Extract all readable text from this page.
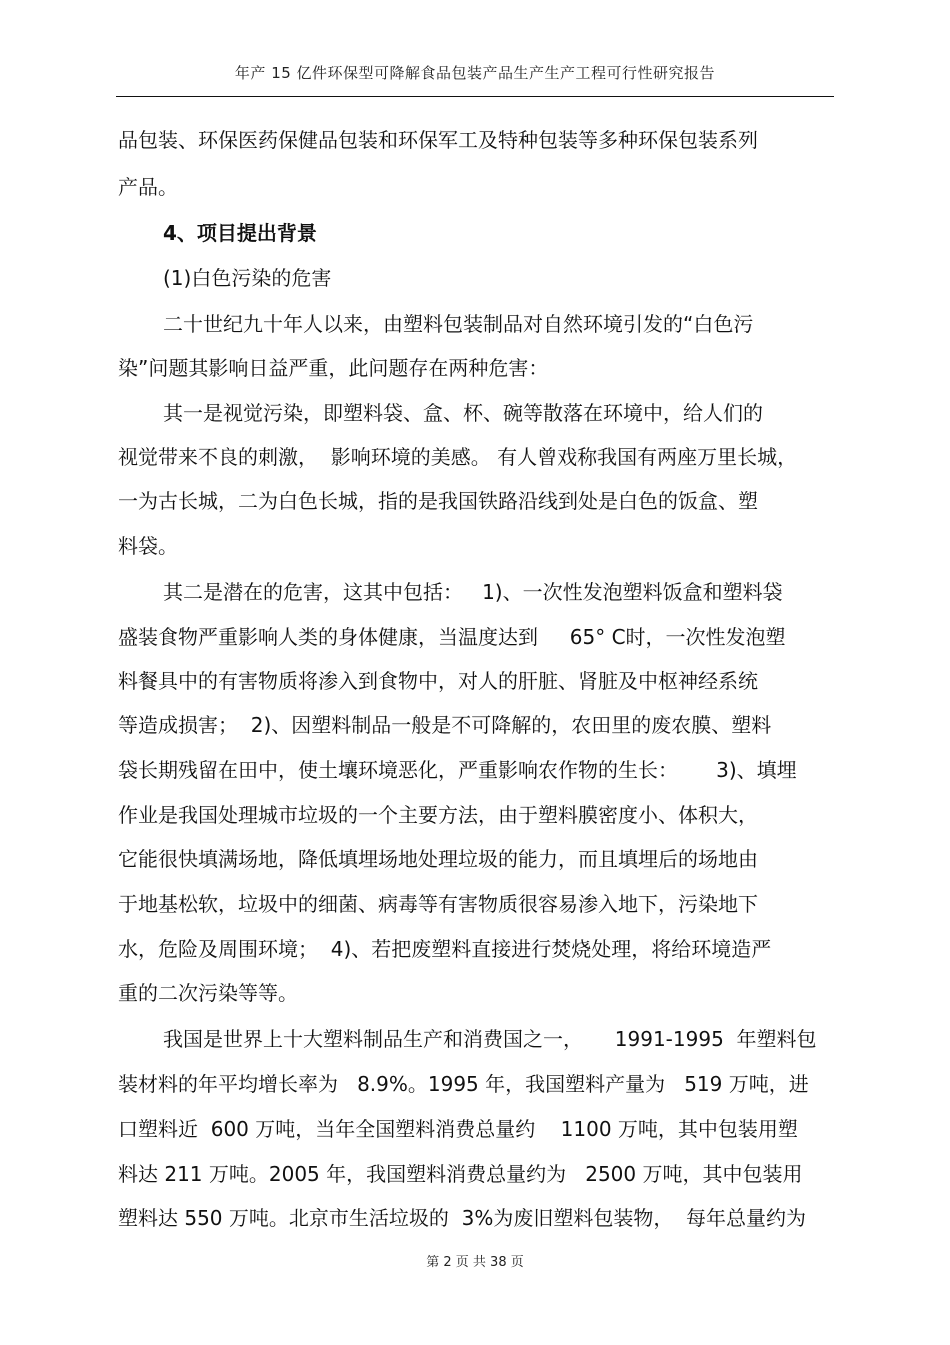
年产 15 亿件环保型可降解食品包装产品生产生产工程可行性研究报告
品包装、环保医药保健品包装和环保军工及特种包装等多种环保包装系列
产品。
4、项目提出背景
(1)白色污染的危害
二十世纪九十年人以来，由塑料包装制品对自然环境引发的“白色污
染”问题其影响日益严重，此问题存在两种危害：
其一是视觉污染，即塑料袋、盒、杯、碗等散落在环境中，给人们的
视觉带来不良的刺激，  影响环境的美感。 有人曾戏称我国有两座万里长城，
一为古长城，二为白色长城，指的是我国铁路沿线到处是白色的饭盒、塑
料袋。
其二是潜在的危害，这其中包括：   1)、一次性发泡塑料饭盒和塑料袋
盛装食物严重影响人类的身体健康，当温度达到     65° C时，一次性发泡塑
料餐具中的有害物质将渗入到食物中，对人的肝脏、肾脏及中枢神经系统
等造成损害；  2)、因塑料制品一般是不可降解的，农田里的废农膜、塑料
袋长期残留在田中，使土壤环境恶化，严重影响农作物的生长：      3)、填埋
作业是我国处理城市垃圾的一个主要方法，由于塑料膜密度小、体积大，
它能很快填满场地，降低填埋场地处理垃圾的能力，而且填埋后的场地由
于地基松软，垃圾中的细菌、病毒等有害物质很容易渗入地下，污染地下
水，危险及周围环境；  4)、若把废塑料直接进行焚烧处理，将给环境造严
重的二次污染等等。
我国是世界上十大塑料制品生产和消费国之一，     1991-1995  年塑料包
装材料的年平均增长率为   8.9%。1995 年，我国塑料产量为   519 万吨，进
口塑料近  600 万吨，当年全国塑料消费总量约    1100 万吨，其中包装用塑
料达 211 万吨。2005 年，我国塑料消费总量约为   2500 万吨，其中包装用
塑料达 550 万吨。北京市生活垃圾的  3%为废旧塑料包装物，  每年总量约为
第 2 页 共 38 页
